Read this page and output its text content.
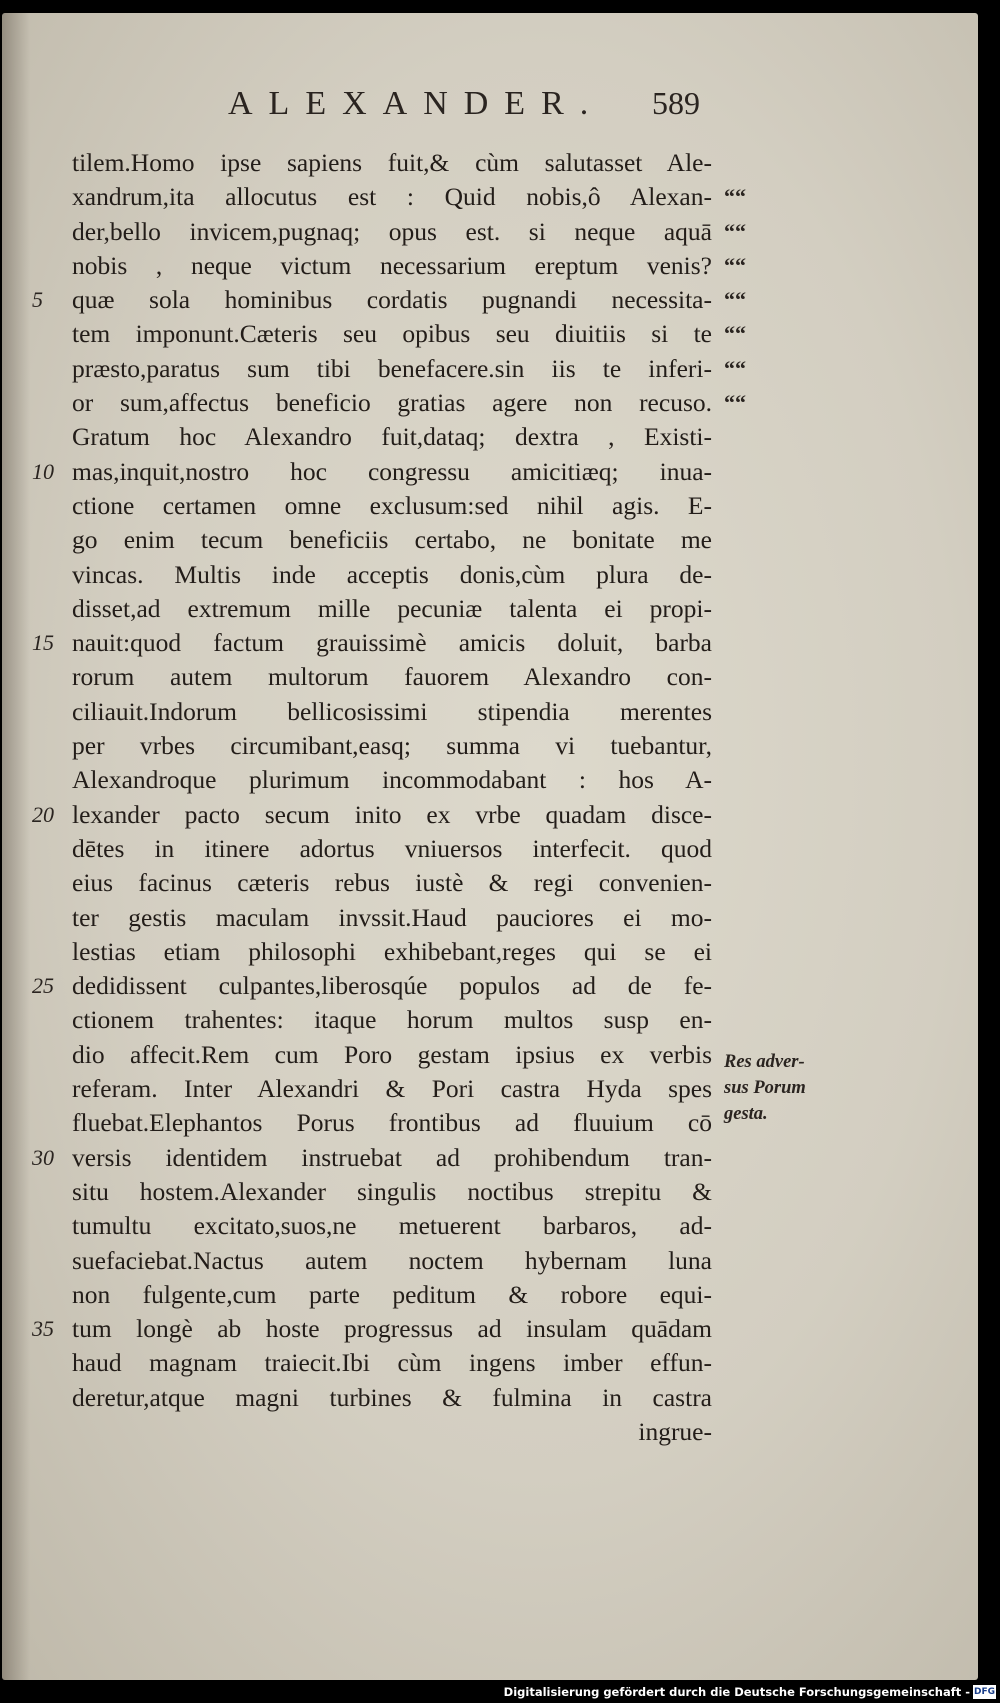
ALEXANDER. 589
tilem.Homo ipse sapiens fuit,& cùm salutasset Ale-
xandrum,ita allocutus est : Quid nobis,ô Alexan- ““
der,bello invicem,pugnaq; opus est. si neque aquā ““
nobis , neque victum necessarium ereptum venis? ““
5	quæ sola hominibus cordatis pugnandi necessita- ““
tem imponunt.Cæteris seu opibus seu diuitiis si te ““
præsto,paratus sum tibi benefacere.sin iis te inferi- ““
or sum,affectus beneficio gratias agere non recuso. ““
Gratum hoc Alexandro fuit,dataq; dextra , Existi-
10 mas,inquit,nostro hoc congressu amicitiæq; inua-
ctione certamen omne exclusum:sed nihil agis. E-
go enim tecum beneficiis certabo, ne bonitate me
vincas. Multis inde acceptis donis,cùm plura de-
disset,ad extremum mille pecuniæ talenta ei propi-
15 nauit:quod factum grauissimè amicis doluit, barba
rorum autem multorum fauorem Alexandro con-
ciliauit.Indorum bellicosissimi stipendia merentes
per vrbes circumibant,easq; summa vi tuebantur,
Alexandroque plurimum incommodabant : hos A-
20 lexander pacto secum inito ex vrbe quadam disce-
dētes in itinere adortus vniuersos interfecit. quod
eius facinus cæteris rebus iustè & regi convenien-
ter gestis maculam invssit.Haud pauciores ei mo-
lestias etiam philosophi exhibebant,reges qui se ei
25 dedidissent culpantes,liberosqúe populos ad de fe-
ctionem trahentes: itaque horum multos susp en-
dio affecit.Rem cum Poro gestam ipsius ex verbis
referam. Inter Alexandri & Pori castra Hyda spes
fluebat.Elephantos Porus frontibus ad fluuium cō
30 versis identidem instruebat ad prohibendum tran-
situ hostem.Alexander singulis noctibus strepitu &
tumultu excitato,suos,ne metuerent barbaros, ad-
suefaciebat.Nactus autem noctem hybernam luna
non fulgente,cum parte peditum & robore equi-
35 tum longè ab hoste progressus ad insulam quādam
haud magnam traiecit.Ibi cùm ingens imber effun-
deretur,atque magni turbines & fulmina in castra
ingrue-
Res adver-
sus Porum
gesta.
Digitalisierung gefördert durch die Deutsche Forschungsgemeinschaft - DFG
